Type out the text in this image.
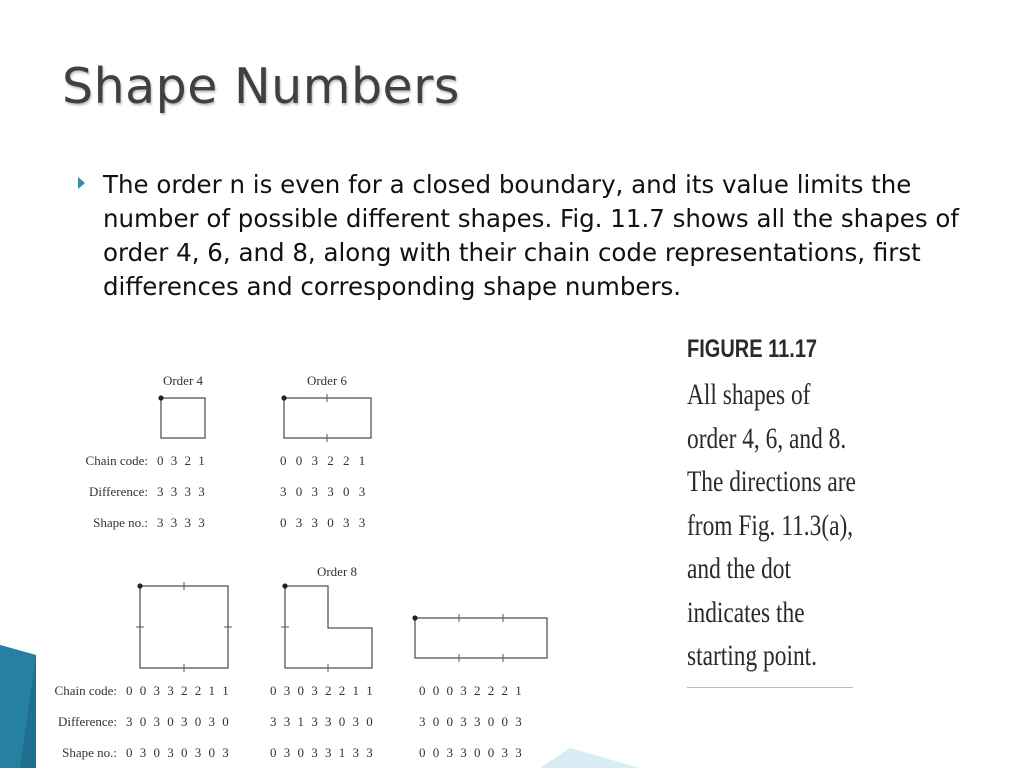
Shape Numbers
The order n is even for a closed boundary, and its value limits the number of possible different shapes. Fig. 11.7 shows all the shapes of order 4, 6, and 8, along with their chain code representations, first differences and corresponding shape numbers.
Order 4	Order 6
Chain code:
Difference:
Shape no.:
0 3 2 1
3 3 3 3
3 3 3 3
0 0 3 2 2 1
3 0 3 3 0 3
0 3 3 0 3 3
Order 8
Chain code:
Difference:
Shape no.:
0 0 3 3 2 2 1 1
3 0 3 0 3 0 3 0
0 3 0 3 0 3 0 3
0 3 0 3 2 2 1 1
3 3 1 3 3 0 3 0
0 3 0 3 3 1 3 3
0 0 0 3 2 2 2 1
3 0 0 3 3 0 0 3
0 0 3 3 0 0 3 3
FIGURE 11.17
All shapes of order 4, 6, and 8. The directions are from Fig. 11.3(a), and the dot indicates the starting point.
